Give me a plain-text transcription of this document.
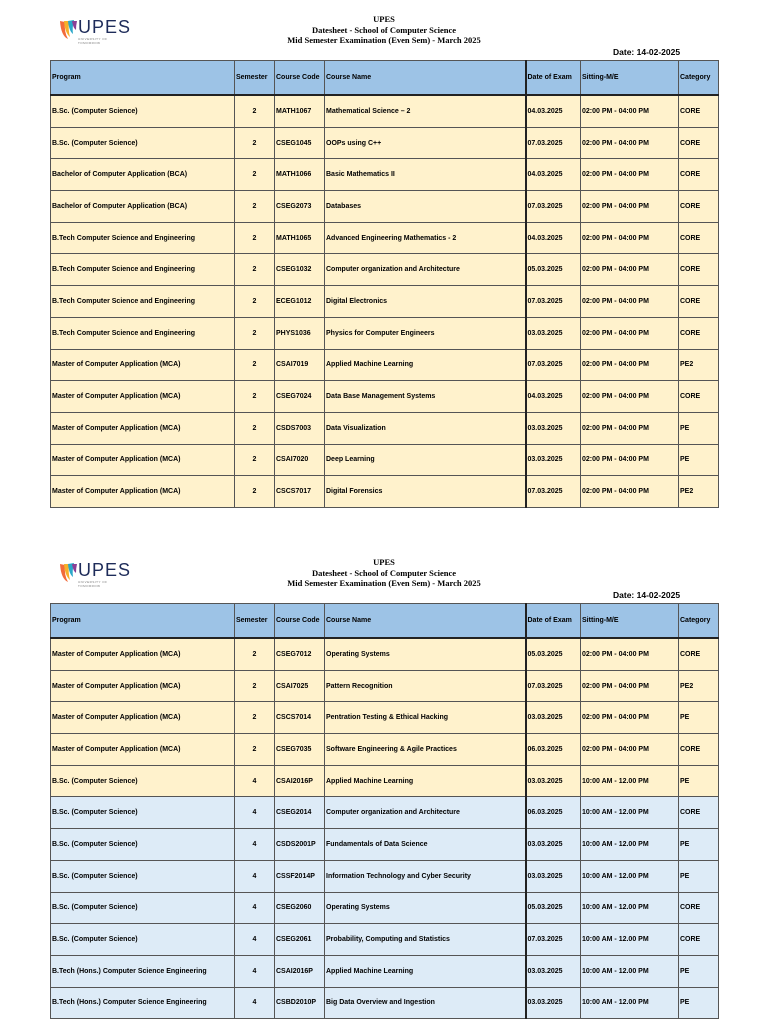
UPES
UNIVERSITY OF TOMORROW
UPES
Datesheet - School of Computer Science
Mid Semester Examination (Even Sem) - March 2025
Date: 14-02-2025
Program	Semester	Course Code	Course Name	Date of Exam	Sitting-M/E	Category
B.Sc. (Computer Science)	2	MATH1067	Mathematical Science – 2	04.03.2025	02:00 PM - 04:00 PM	CORE
B.Sc. (Computer Science)	2	CSEG1045	OOPs using C++	07.03.2025	02:00 PM - 04:00 PM	CORE
Bachelor of Computer Application (BCA)	2	MATH1066	Basic Mathematics II	04.03.2025	02:00 PM - 04:00 PM	CORE
Bachelor of Computer Application (BCA)	2	CSEG2073	Databases	07.03.2025	02:00 PM - 04:00 PM	CORE
B.Tech Computer Science and Engineering	2	MATH1065	Advanced Engineering Mathematics - 2	04.03.2025	02:00 PM - 04:00 PM	CORE
B.Tech Computer Science and Engineering	2	CSEG1032	Computer organization and Architecture	05.03.2025	02:00 PM - 04:00 PM	CORE
B.Tech Computer Science and Engineering	2	ECEG1012	Digital Electronics	07.03.2025	02:00 PM - 04:00 PM	CORE
B.Tech Computer Science and Engineering	2	PHYS1036	Physics for Computer Engineers	03.03.2025	02:00 PM - 04:00 PM	CORE
Master of Computer Application (MCA)	2	CSAI7019	Applied Machine Learning	07.03.2025	02:00 PM - 04:00 PM	PE2
Master of Computer Application (MCA)	2	CSEG7024	Data Base Management Systems	04.03.2025	02:00 PM - 04:00 PM	CORE
Master of Computer Application (MCA)	2	CSDS7003	Data Visualization	03.03.2025	02:00 PM - 04:00 PM	PE
Master of Computer Application (MCA)	2	CSAI7020	Deep Learning	03.03.2025	02:00 PM - 04:00 PM	PE
Master of Computer Application (MCA)	2	CSCS7017	Digital Forensics	07.03.2025	02:00 PM - 04:00 PM	PE2
UPES
UNIVERSITY OF TOMORROW
UPES
Datesheet - School of Computer Science
Mid Semester Examination (Even Sem) - March 2025
Date: 14-02-2025
Program	Semester	Course Code	Course Name	Date of Exam	Sitting-M/E	Category
Master of Computer Application (MCA)	2	CSEG7012	Operating Systems	05.03.2025	02:00 PM - 04:00 PM	CORE
Master of Computer Application (MCA)	2	CSAI7025	Pattern Recognition	07.03.2025	02:00 PM - 04:00 PM	PE2
Master of Computer Application (MCA)	2	CSCS7014	Pentration Testing & Ethical Hacking	03.03.2025	02:00 PM - 04:00 PM	PE
Master of Computer Application (MCA)	2	CSEG7035	Software Engineering & Agile Practices	06.03.2025	02:00 PM - 04:00 PM	CORE
B.Sc. (Computer Science)	4	CSAI2016P	Applied Machine Learning	03.03.2025	10:00 AM - 12.00 PM	PE
B.Sc. (Computer Science)	4	CSEG2014	Computer organization and Architecture	06.03.2025	10:00 AM - 12.00 PM	CORE
B.Sc. (Computer Science)	4	CSDS2001P	Fundamentals of Data Science	03.03.2025	10:00 AM - 12.00 PM	PE
B.Sc. (Computer Science)	4	CSSF2014P	Information Technology and Cyber Security	03.03.2025	10:00 AM - 12.00 PM	PE
B.Sc. (Computer Science)	4	CSEG2060	Operating Systems	05.03.2025	10:00 AM - 12.00 PM	CORE
B.Sc. (Computer Science)	4	CSEG2061	Probability, Computing and Statistics	07.03.2025	10:00 AM - 12.00 PM	CORE
B.Tech (Hons.) Computer Science Engineering	4	CSAI2016P	Applied Machine Learning	03.03.2025	10:00 AM - 12.00 PM	PE
B.Tech (Hons.) Computer Science Engineering	4	CSBD2010P	Big Data Overview and Ingestion	03.03.2025	10:00 AM - 12.00 PM	PE
